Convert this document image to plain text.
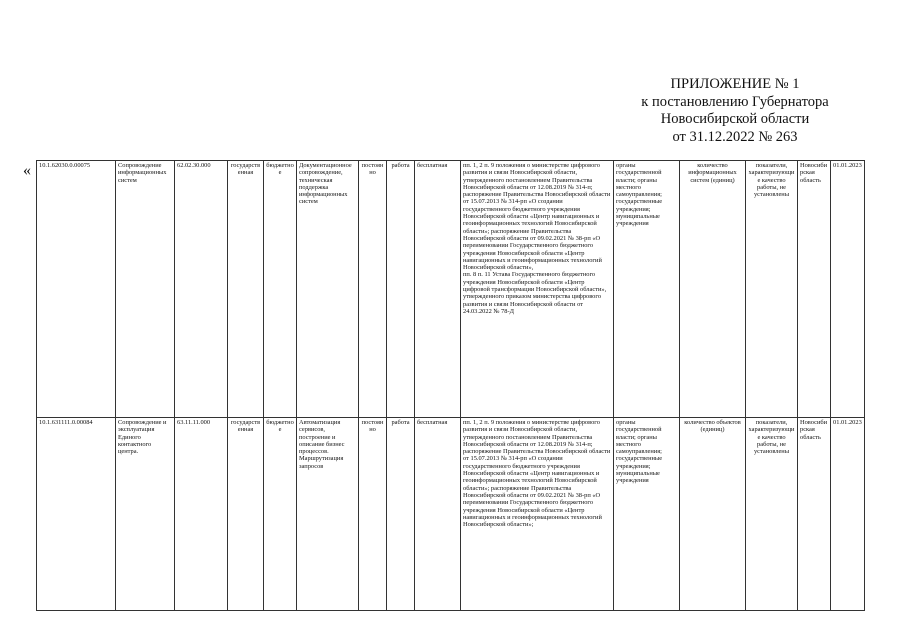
ПРИЛОЖЕНИЕ № 1
к постановлению Губернатора
Новосибирской области
от 31.12.2022 № 263
« 10.1.62030.0.00075	Сопровождение информационных систем	62.02.30.000	государственная	бюджетное	Документационное сопровождение, техническая поддержка информационных систем	постоянно	работа	бесплатная	пп. 1, 2 п. 9 положения о министерстве цифрового развития и связи Новосибирской области, утвержденного постановлением Правительства Новосибирской области от 12.08.2019 № 314-п; распоряжение Правительства Новосибирской области от 15.07.2013 № 314-рп «О создании государственного бюджетного учреждения Новосибирской области «Центр навигационных и геоинформационных технологий Новосибирской области»; распоряжение Правительства Новосибирской области от 09.02.2021 № 38-рп «О переименовании Государственного бюджетного учреждения Новосибирской области «Центр навигационных и геоинформационных технологий Новосибирской области»,
пп. 8 п. 11 Устава Государственного бюджетного учреждения Новосибирской области «Центр цифровой трансформации Новосибирской области», утвержденного приказом министерства цифрового развития и связи Новосибирской области от 24.03.2022 № 78-Д	органы государственной власти; органы местного самоуправления; государственные учреждения; муниципальные учреждения	количество информационных систем (единиц)	показатели, характеризующие качество работы, не установлены	Новосибирская область	01.01.2023
10.1.631111.0.00084	Сопровождение и эксплуатация Единого контактного центра.	63.11.11.000	государственная	бюджетное	Автоматизация сервисов, построение и описание бизнес процессов. Маршрутизация запросов	постоянно	работа	бесплатная	пп. 1, 2 п. 9 положения о министерстве цифрового развития и связи Новосибирской области, утвержденного постановлением Правительства Новосибирской области от 12.08.2019 № 314-п; распоряжение Правительства Новосибирской области от 15.07.2013 № 314-рп «О создании государственного бюджетного учреждения Новосибирской области «Центр навигационных и геоинформационных технологий Новосибирской области»; распоряжение Правительства Новосибирской области от 09.02.2021 № 38-рп «О переименовании Государственного бюджетного учреждения Новосибирской области «Центр навигационных и геоинформационных технологий Новосибирской области»;	органы государственной власти; органы местного самоуправления; государственные учреждения; муниципальные учреждения	количество объектов (единиц)	показатели, характеризующие качество работы, не установлены	Новосибирская область	01.01.2023
